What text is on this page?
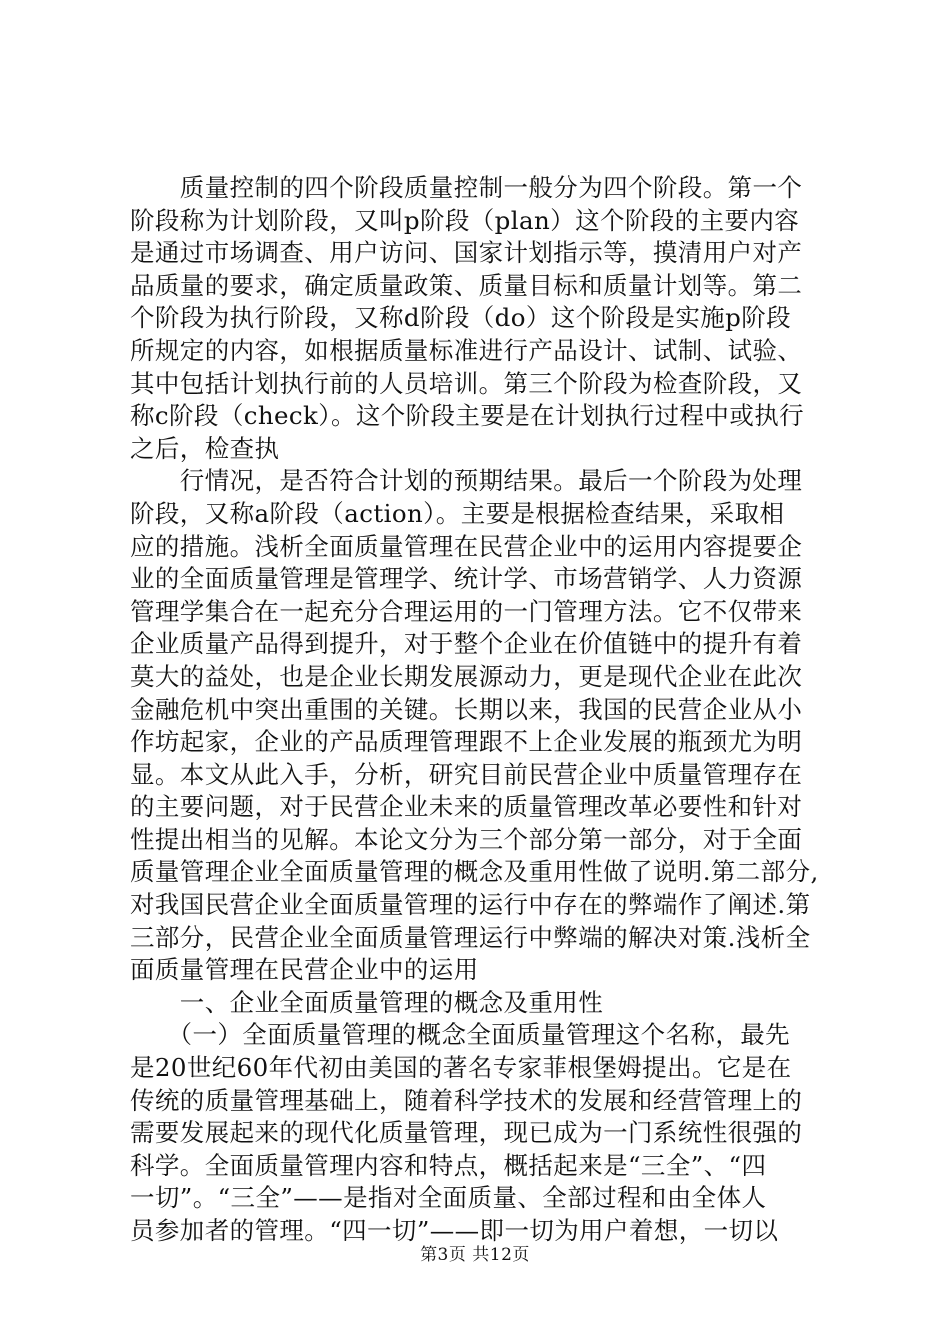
　　质量控制的四个阶段质量控制一般分为四个阶段。第一个
阶段称为计划阶段，又叫p阶段（plan）这个阶段的主要内容
是通过市场调查、用户访问、国家计划指示等，摸清用户对产
品质量的要求，确定质量政策、质量目标和质量计划等。第二
个阶段为执行阶段，又称d阶段（do）这个阶段是实施p阶段
所规定的内容，如根据质量标准进行产品设计、试制、试验、
其中包括计划执行前的人员培训。第三个阶段为检查阶段，又
称c阶段（check）。这个阶段主要是在计划执行过程中或执行
之后，检查执
　　行情况，是否符合计划的预期结果。最后一个阶段为处理
阶段，又称a阶段（action）。主要是根据检查结果，采取相
应的措施。浅析全面质量管理在民营企业中的运用内容提要企
业的全面质量管理是管理学、统计学、市场营销学、人力资源
管理学集合在一起充分合理运用的一门管理方法。它不仅带来
企业质量产品得到提升，对于整个企业在价值链中的提升有着
莫大的益处，也是企业长期发展源动力，更是现代企业在此次
金融危机中突出重围的关键。长期以来，我国的民营企业从小
作坊起家，企业的产品质理管理跟不上企业发展的瓶颈尤为明
显。本文从此入手，分析，研究目前民营企业中质量管理存在
的主要问题，对于民营企业未来的质量管理改革必要性和针对
性提出相当的见解。本论文分为三个部分第一部分，对于全面
质量管理企业全面质量管理的概念及重用性做了说明.第二部分,
对我国民营企业全面质量管理的运行中存在的弊端作了阐述.第
三部分，民营企业全面质量管理运行中弊端的解决对策.浅析全
面质量管理在民营企业中的运用
　　一、企业全面质量管理的概念及重用性
　　（一）全面质量管理的概念全面质量管理这个名称，最先
是20世纪60年代初由美国的著名专家菲根堡姆提出。它是在
传统的质量管理基础上，随着科学技术的发展和经营管理上的
需要发展起来的现代化质量管理，现已成为一门系统性很强的
科学。全面质量管理内容和特点，概括起来是“三全”、“四
一切”。“三全”——是指对全面质量、全部过程和由全体人
员参加者的管理。“四一切”——即一切为用户着想，一切以
第3页 共12页
